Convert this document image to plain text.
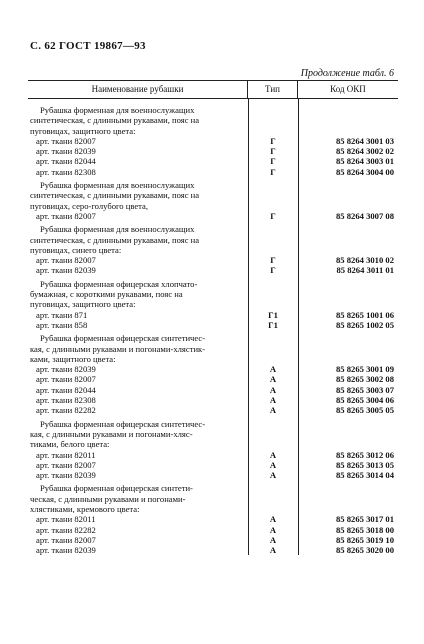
С. 62 ГОСТ 19867—93
Продолжение табл. 6
Наименование рубашки	Тип	Код ОКП
Рубашка форменная для военнослужащих
синтетическая, с длинными рукавами, пояс на
пуговицах, защитного цвета:
арт. ткани 82007	Г	85 8264 3001 03
арт. ткани 82039	Г	85 8264 3002 02
арт. ткани 82044	Г	85 8264 3003 01
арт. ткани 82308	Г	85 8264 3004 00
Рубашка форменная для военнослужащих
синтетическая, с длинными рукавами, пояс на
пуговицах, серо-голубого цвета,
арт. ткани 82007	Г	85 8264 3007 08
Рубашка форменная для военнослужащих
синтетическая, с длинными рукавами, пояс на
пуговицах, синего цвета:
арт. ткани 82007	Г	85 8264 3010 02
арт. ткани 82039	Г	85 8264 3011 01
Рубашка форменная офицерская хлопчато-
бумажная, с короткими рукавами, пояс на
пуговицах, защитного цвета:
арт. ткани 871	Г1	85 8265 1001 06
арт. ткани 858	Г1	85 8265 1002 05
Рубашка форменная офицерская синтетичес-
кая, с длинными рукавами и погонами-хлястик-
ками, защитного цвета:
арт. ткани 82039	А	85 8265 3001 09
арт. ткани 82007	А	85 8265 3002 08
арт. ткани 82044	А	85 8265 3003 07
арт. ткани 82308	А	85 8265 3004 06
арт. ткани 82282	А	85 8265 3005 05
Рубашка форменная офицерская синтетичес-
кая, с длинными рукавами и погонами-хляс-
тиками, белого цвета:
арт. ткани 82011	А	85 8265 3012 06
арт. ткани 82007	А	85 8265 3013 05
арт. ткани 82039	А	85 8265 3014 04
Рубашка форменная офицерская синтети-
ческая, с длинными рукавами и погонами-
хлястиками, кремового цвета:
арт. ткани 82011	А	85 8265 3017 01
арт. ткани 82282	А	85 8265 3018 00
арт. ткани 82007	А	85 8265 3019 10
арт. ткани 82039	А	85 8265 3020 00
